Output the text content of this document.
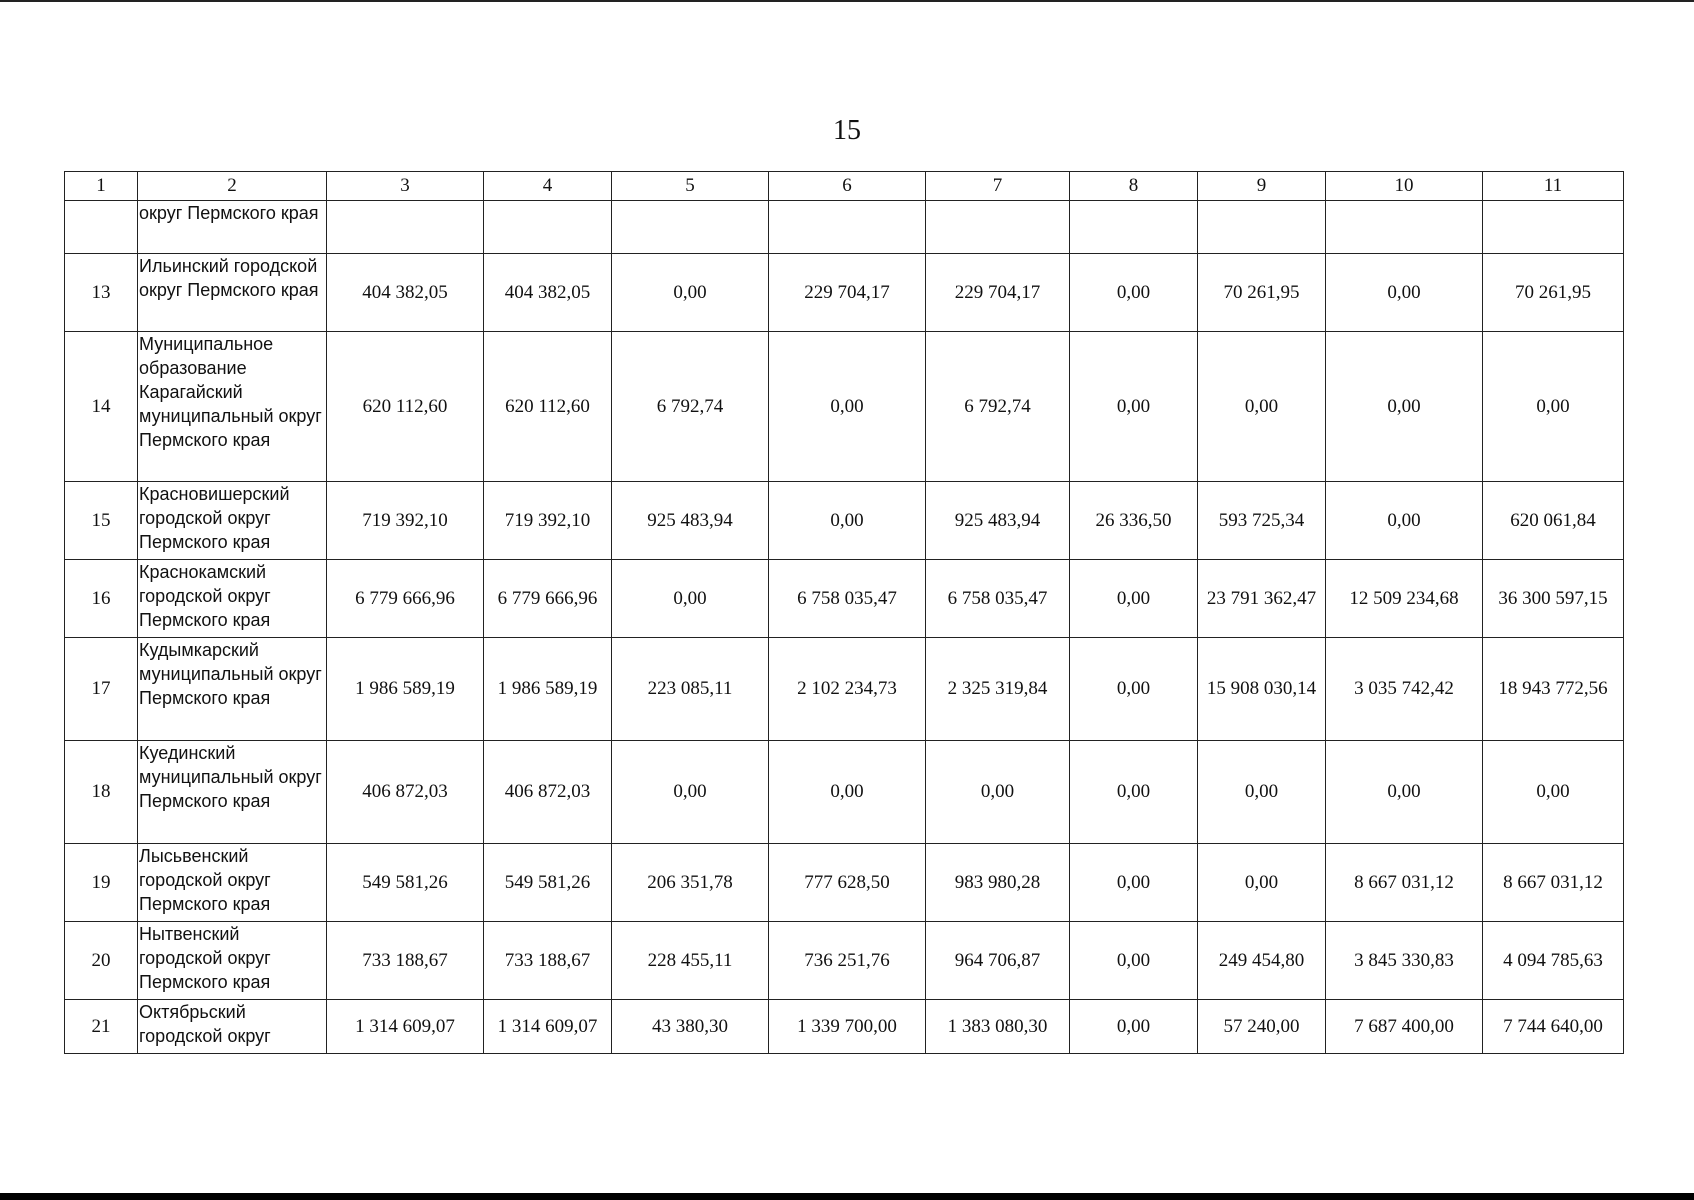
15
1	2	3	4	5	6	7	8	9	10	11
	округ Пермского края									
13	Ильинский городской округ Пермского края	404 382,05	404 382,05	0,00	229 704,17	229 704,17	0,00	70 261,95	0,00	70 261,95
14	Муниципальное образование Карагайский муниципальный округ Пермского края	620 112,60	620 112,60	6 792,74	0,00	6 792,74	0,00	0,00	0,00	0,00
15	Красновишерский городской округ Пермского края	719 392,10	719 392,10	925 483,94	0,00	925 483,94	26 336,50	593 725,34	0,00	620 061,84
16	Краснокамский городской округ Пермского края	6 779 666,96	6 779 666,96	0,00	6 758 035,47	6 758 035,47	0,00	23 791 362,47	12 509 234,68	36 300 597,15
17	Кудымкарский муниципальный округ Пермского края	1 986 589,19	1 986 589,19	223 085,11	2 102 234,73	2 325 319,84	0,00	15 908 030,14	3 035 742,42	18 943 772,56
18	Куединский муниципальный округ Пермского края	406 872,03	406 872,03	0,00	0,00	0,00	0,00	0,00	0,00	0,00
19	Лысьвенский городской округ Пермского края	549 581,26	549 581,26	206 351,78	777 628,50	983 980,28	0,00	0,00	8 667 031,12	8 667 031,12
20	Нытвенский городской округ Пермского края	733 188,67	733 188,67	228 455,11	736 251,76	964 706,87	0,00	249 454,80	3 845 330,83	4 094 785,63
21	Октябрьский городской округ	1 314 609,07	1 314 609,07	43 380,30	1 339 700,00	1 383 080,30	0,00	57 240,00	7 687 400,00	7 744 640,00
